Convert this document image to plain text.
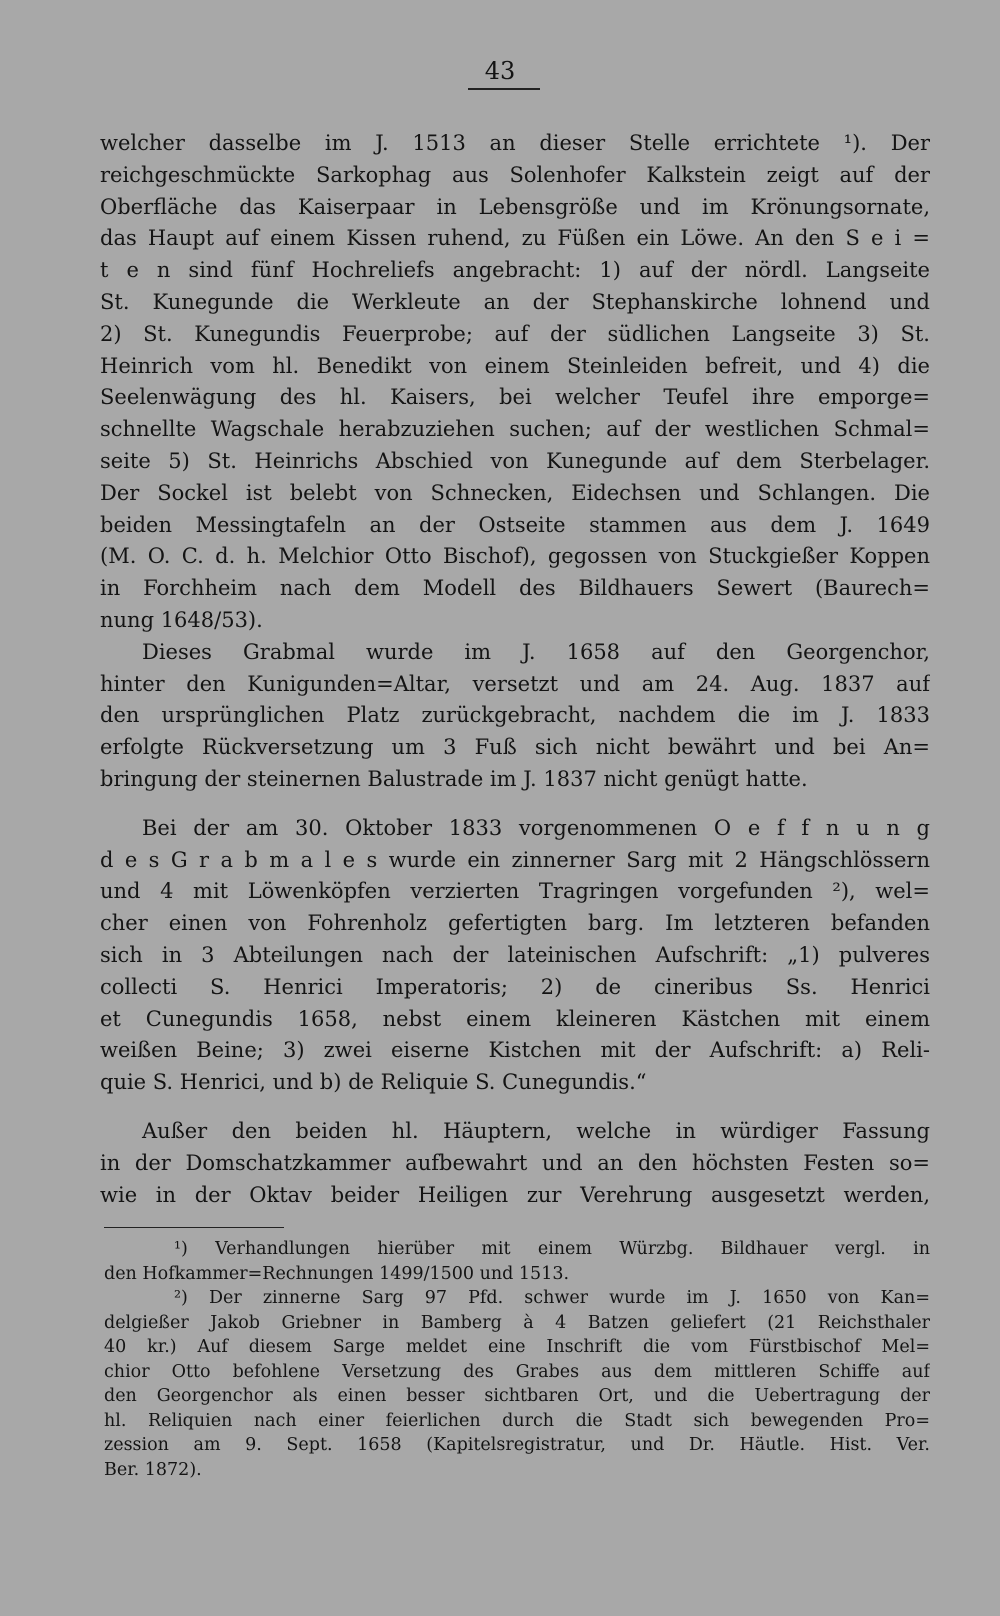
43
welcher dasselbe im J. 1513 an dieser Stelle errichtete ¹). Der
reichgeschmückte Sarkophag aus Solenhofer Kalkstein zeigt auf der
Oberfläche das Kaiserpaar in Lebensgröße und im Krönungsornate,
das Haupt auf einem Kissen ruhend, zu Füßen ein Löwe. An den S e i =
t e n sind fünf Hochreliefs angebracht: 1) auf der nördl. Langseite
St. Kunegunde die Werkleute an der Stephanskirche lohnend und
2) St. Kunegundis Feuerprobe; auf der südlichen Langseite 3) St.
Heinrich vom hl. Benedikt von einem Steinleiden befreit, und 4) die
Seelenwägung des hl. Kaisers, bei welcher Teufel ihre emporge=
schnellte Wagschale herabzuziehen suchen; auf der westlichen Schmal=
seite 5) St. Heinrichs Abschied von Kunegunde auf dem Sterbelager.
Der Sockel ist belebt von Schnecken, Eidechsen und Schlangen. Die
beiden Messingtafeln an der Ostseite stammen aus dem J. 1649
(M. O. C. d. h. Melchior Otto Bischof), gegossen von Stuckgießer Koppen
in Forchheim nach dem Modell des Bildhauers Sewert (Baurech=
nung 1648/53).
Dieses Grabmal wurde im J. 1658 auf den Georgenchor,
hinter den Kunigunden=Altar, versetzt und am 24. Aug. 1837 auf
den ursprünglichen Platz zurückgebracht, nachdem die im J. 1833
erfolgte Rückversetzung um 3 Fuß sich nicht bewährt und bei An=
bringung der steinernen Balustrade im J. 1837 nicht genügt hatte.
Bei der am 30. Oktober 1833 vorgenommenen O e f f n u n g
d e s G r a b m a l e s wurde ein zinnerner Sarg mit 2 Hängschlössern
und 4 mit Löwenköpfen verzierten Tragringen vorgefunden ²), wel=
cher einen von Fohrenholz gefertigten barg. Im letzteren befanden
sich in 3 Abteilungen nach der lateinischen Aufschrift: „1) pulveres
collecti S. Henrici Imperatoris; 2) de cineribus Ss. Henrici
et Cunegundis 1658, nebst einem kleineren Kästchen mit einem
weißen Beine; 3) zwei eiserne Kistchen mit der Aufschrift: a) Reli-
quie S. Henrici, und b) de Reliquie S. Cunegundis.“
Außer den beiden hl. Häuptern, welche in würdiger Fassung
in der Domschatzkammer aufbewahrt und an den höchsten Festen so=
wie in der Oktav beider Heiligen zur Verehrung ausgesetzt werden,
¹) Verhandlungen hierüber mit einem Würzbg. Bildhauer vergl. in
den Hofkammer=Rechnungen 1499/1500 und 1513.
²) Der zinnerne Sarg 97 Pfd. schwer wurde im J. 1650 von Kan=
delgießer Jakob Griebner in Bamberg à 4 Batzen geliefert (21 Reichsthaler
40 kr.) Auf diesem Sarge meldet eine Inschrift die vom Fürstbischof Mel=
chior Otto befohlene Versetzung des Grabes aus dem mittleren Schiffe auf
den Georgenchor als einen besser sichtbaren Ort, und die Uebertragung der
hl. Reliquien nach einer feierlichen durch die Stadt sich bewegenden Pro=
zession am 9. Sept. 1658 (Kapitelsregistratur, und Dr. Häutle. Hist. Ver.
Ber. 1872).
